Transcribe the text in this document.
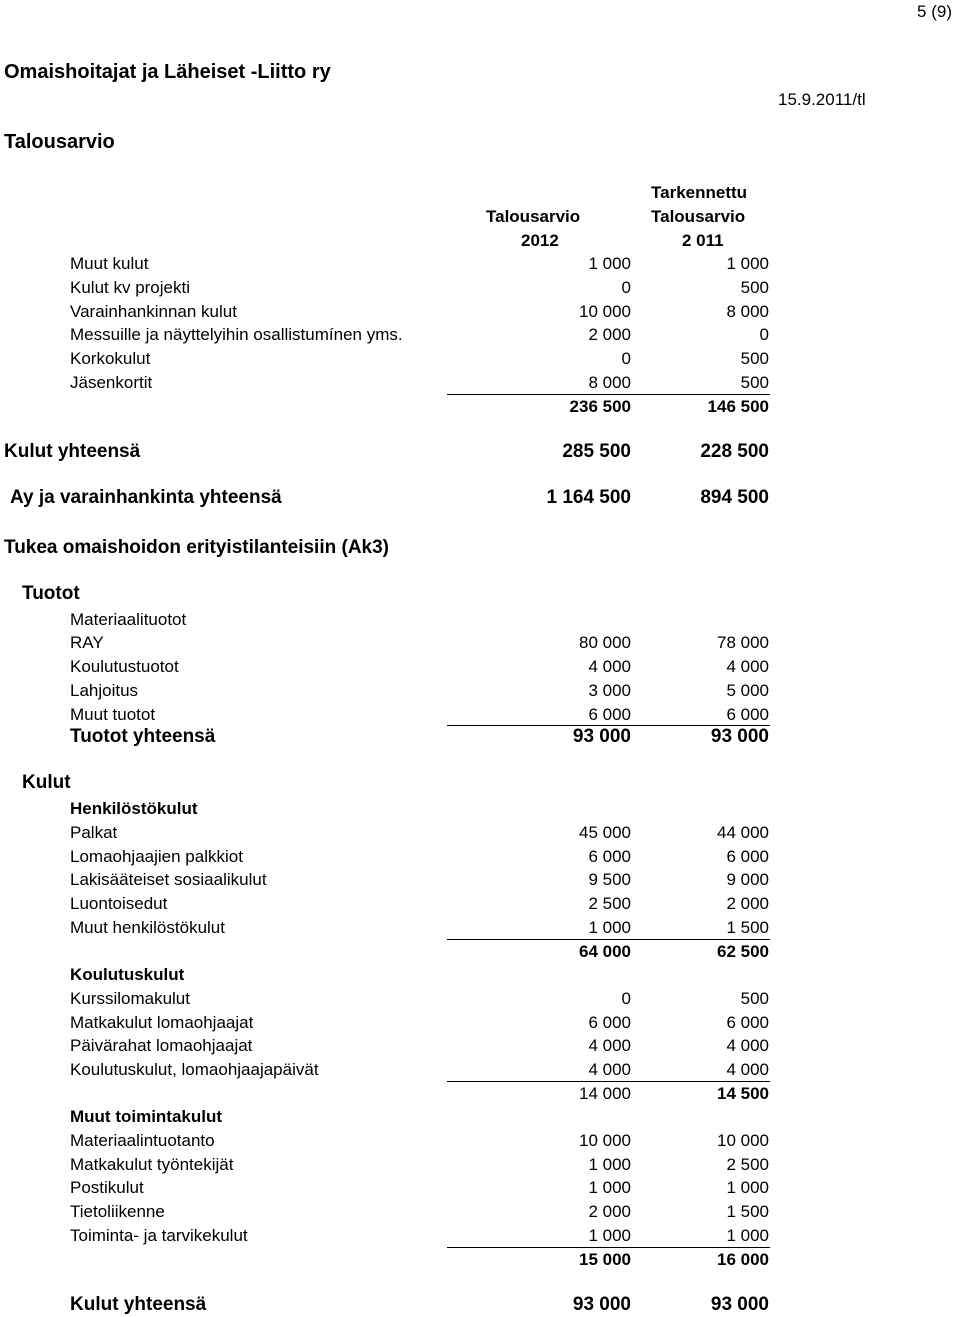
5 (9)
Omaishoitajat ja Läheiset -Liitto ry
15.9.2011/tl
Talousarvio
Tarkennettu
Talousarvio	Talousarvio
2012	2 011
Muut kulut	1 000	1 000
Kulut kv projekti	0	500
Varainhankinnan kulut	10 000	8 000
Messuille ja näyttelyihin osallistumínen yms.	2 000	0
Korkokulut	0	500
Jäsenkortit	8 000	500
236 500	146 500
Kulut yhteensä	285 500	228 500
Ay ja varainhankinta yhteensä	1 164 500	894 500
Tukea omaishoidon erityistilanteisiin (Ak3)
Tuotot
Materiaalituotot
RAY	80 000	78 000
Koulutustuotot	4 000	4 000
Lahjoitus	3 000	5 000
Muut tuotot	6 000	6 000
Tuotot yhteensä	93 000	93 000
Kulut
Henkilöstökulut
Palkat	45 000	44 000
Lomaohjaajien palkkiot	6 000	6 000
Lakisääteiset sosiaalikulut	9 500	9 000
Luontoisedut	2 500	2 000
Muut henkilöstökulut	1 000	1 500
64 000	62 500
Koulutuskulut
Kurssilomakulut	0	500
Matkakulut lomaohjaajat	6 000	6 000
Päivärahat lomaohjaajat	4 000	4 000
Koulutuskulut, lomaohjaajapäivät	4 000	4 000
14 000	14 500
Muut toimintakulut
Materiaalintuotanto	10 000	10 000
Matkakulut työntekijät	1 000	2 500
Postikulut	1 000	1 000
Tietoliikenne	2 000	1 500
Toiminta- ja tarvikekulut	1 000	1 000
15 000	16 000
Kulut yhteensä	93 000	93 000
